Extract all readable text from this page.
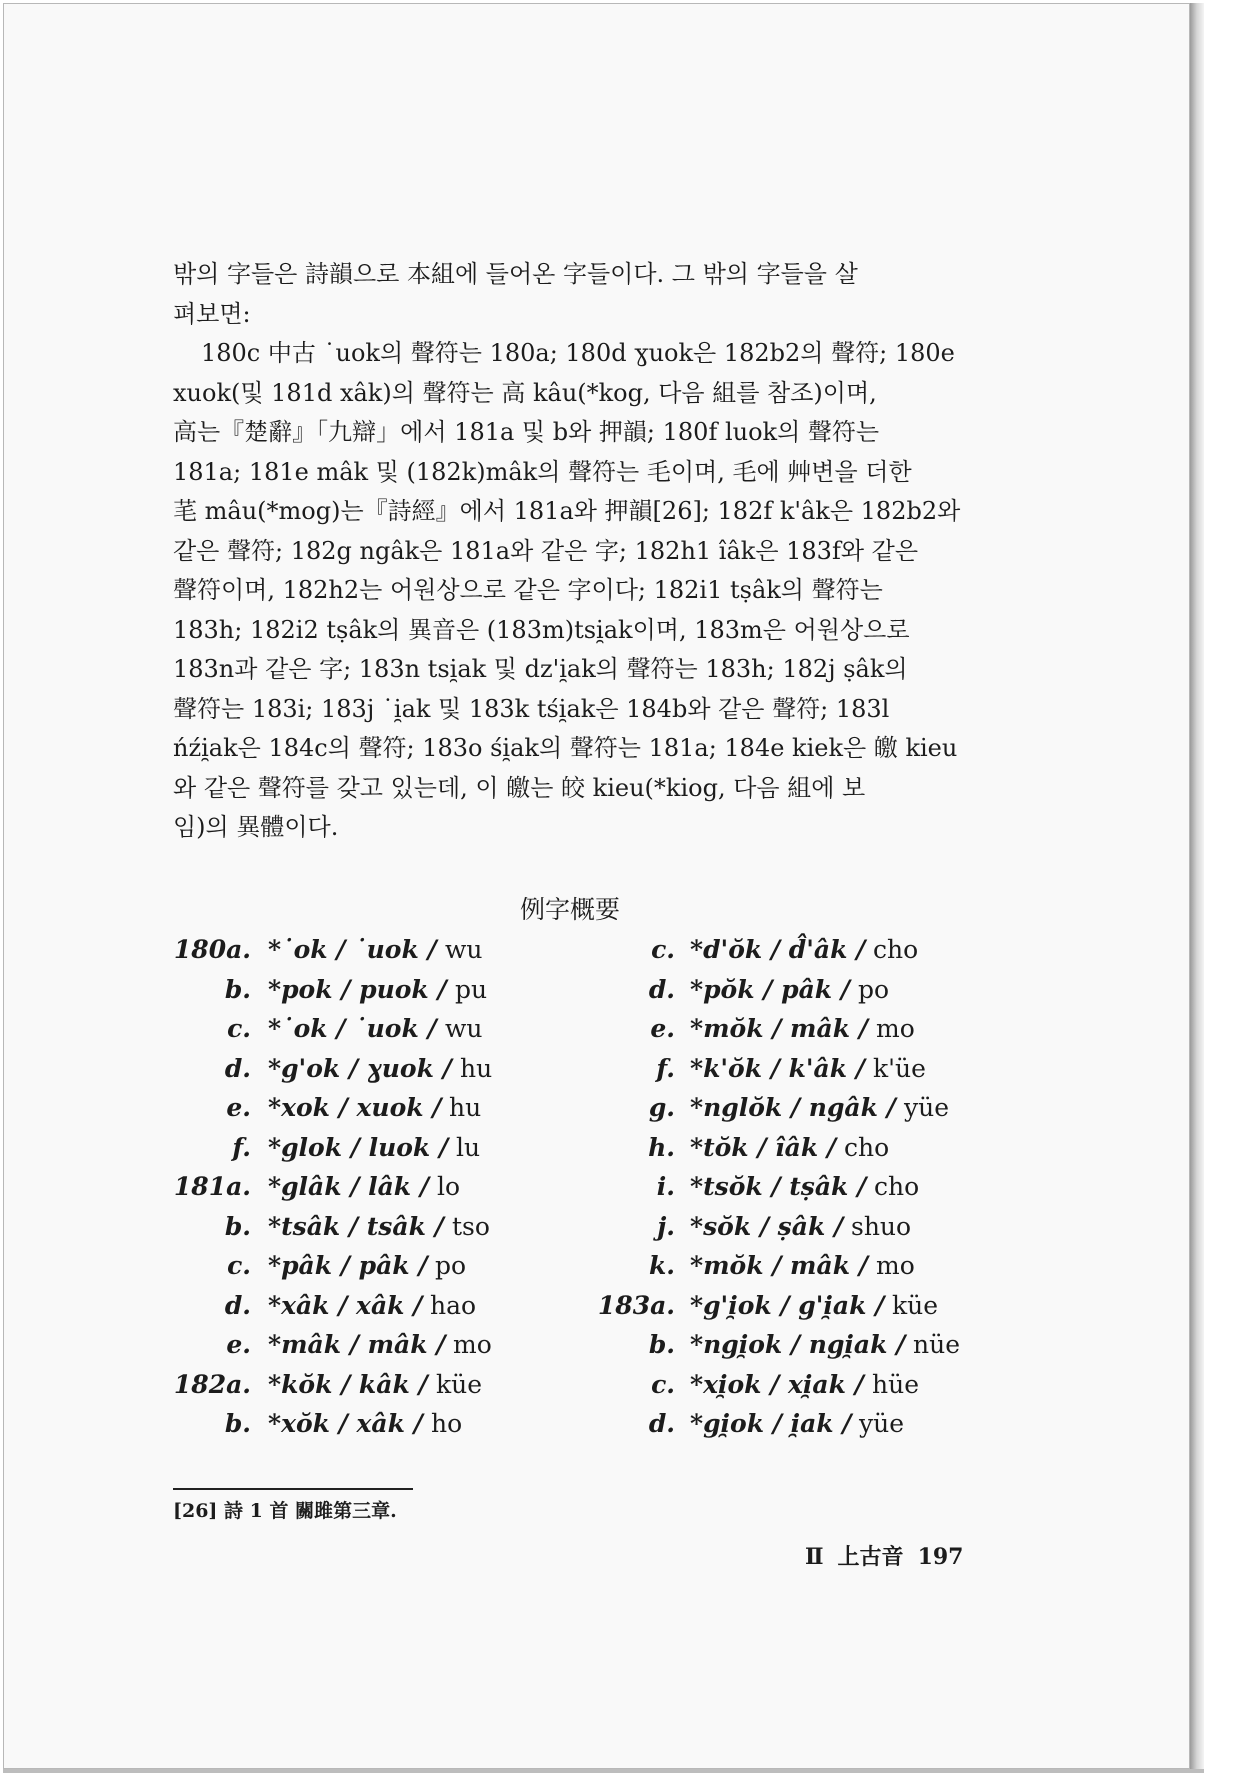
밖의 字들은 詩韻으로 本組에 들어온 字들이다. 그 밖의 字들을 살
펴보면:
180c 中古 ˙uok의 聲符는 180a; 180d ɣuok은 182b2의 聲符; 180e
xuok(및 181d xâk)의 聲符는 高 kâu(*kog, 다음 組를 참조)이며,
高는『楚辭』「九辯」에서 181a 및 b와 押韻; 180f luok의 聲符는
181a; 181e mâk 및 (182k)mâk의 聲符는 毛이며, 毛에 艸변을 더한
芼 mâu(*mog)는『詩經』에서 181a와 押韻[26]; 182f k'âk은 182b2와
같은 聲符; 182g ngâk은 181a와 같은 字; 182h1 îâk은 183f와 같은
聲符이며, 182h2는 어원상으로 같은 字이다; 182i1 tṣâk의 聲符는
183h; 182i2 tṣâk의 異音은 (183m)tsi̯ak이며, 183m은 어원상으로
183n과 같은 字; 183n tsi̯ak 및 dz'i̯ak의 聲符는 183h; 182j ṣâk의
聲符는 183i; 183j ˙i̯ak 및 183k tśi̯ak은 184b와 같은 聲符; 183l
ńźi̯ak은 184c의 聲符; 183o śi̯ak의 聲符는 181a; 184e kiek은 皦 kieu
와 같은 聲符를 갖고 있는데, 이 皦는 皎 kieu(*kiog, 다음 組에 보
임)의 異體이다.
例字概要
180a. *˙ok / ˙uok / wu
b. *pok / puok / pu
c. *˙ok / ˙uok / wu
d. *g'ok / ɣuok / hu
e. *xok / xuok / hu
f. *glok / luok / lu
181a. *glâk / lâk / lo
b. *tsâk / tsâk / tso
c. *pâk / pâk / po
d. *xâk / xâk / hao
e. *mâk / mâk / mo
182a. *kŏk / kâk / küe
b. *xŏk / xâk / ho
c. *d'ŏk / d̂'âk / cho
d. *pŏk / pâk / po
e. *mŏk / mâk / mo
f. *k'ŏk / k'âk / k'üe
g. *nglŏk / ngâk / yüe
h. *tŏk / îâk / cho
i. *tsŏk / tṣâk / cho
j. *sŏk / ṣâk / shuo
k. *mŏk / mâk / mo
183a. *g'i̯ok / g'i̯ak / küe
b. *ngi̯ok / ngi̯ak / nüe
c. *xi̯ok / xi̯ak / hüe
d. *gi̯ok / i̯ak / yüe
[26] 詩 1 首 關雎第三章.
Ⅱ 上古音 197
